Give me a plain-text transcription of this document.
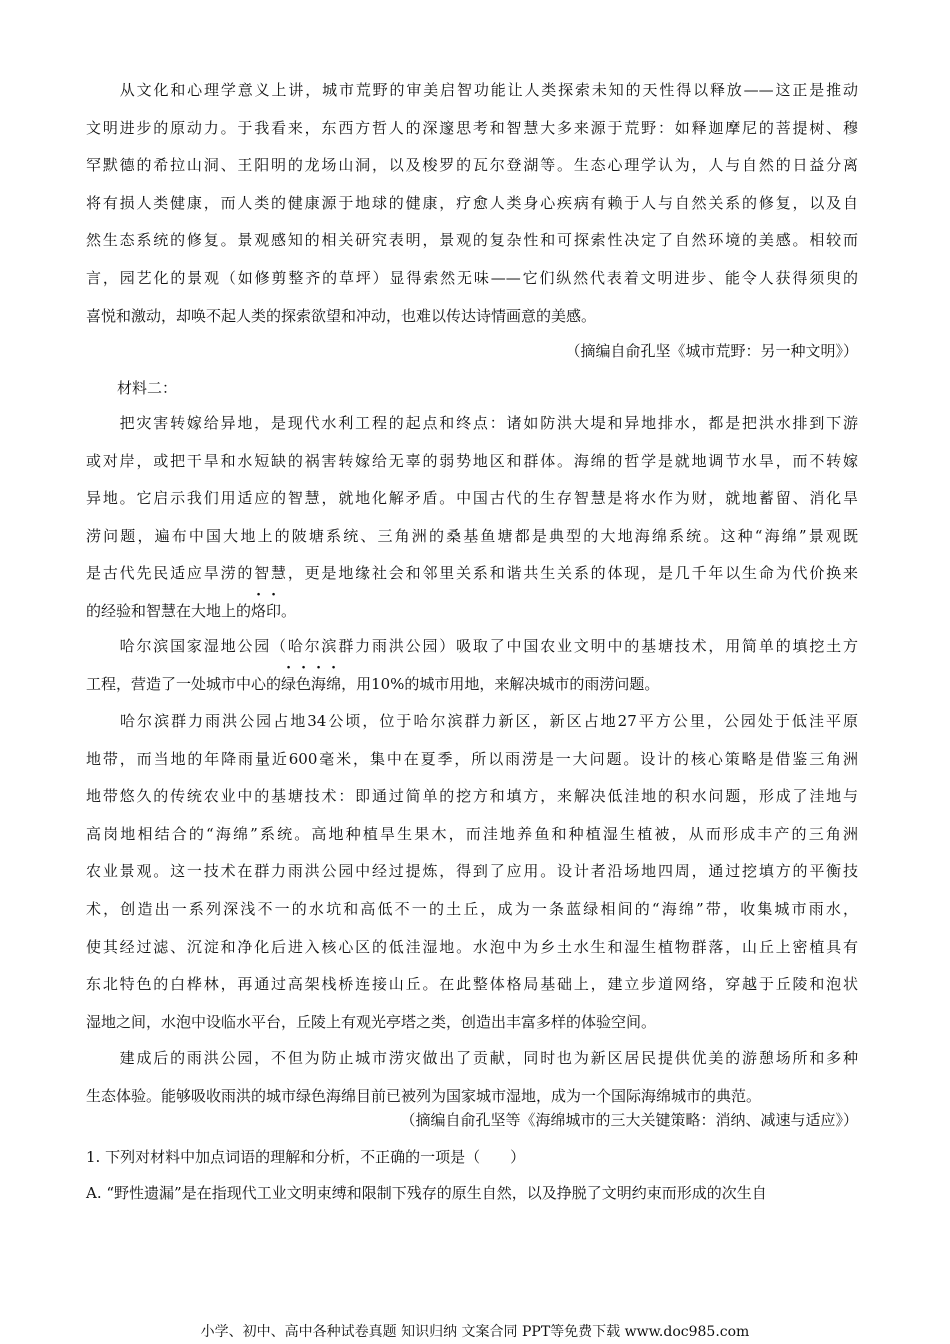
　　从文化和心理学意义上讲，城市荒野的审美启智功能让人类探索未知的天性得以释放——这正是推动
文明进步的原动力。于我看来，东西方哲人的深邃思考和智慧大多来源于荒野：如释迦摩尼的菩提树、穆
罕默德的希拉山洞、王阳明的龙场山洞，以及梭罗的瓦尔登湖等。生态心理学认为，人与自然的日益分离
将有损人类健康，而人类的健康源于地球的健康，疗愈人类身心疾病有赖于人与自然关系的修复，以及自
然生态系统的修复。景观感知的相关研究表明，景观的复杂性和可探索性决定了自然环境的美感。相较而
言，园艺化的景观（如修剪整齐的草坪）显得索然无味——它们纵然代表着文明进步、能令人获得须臾的
喜悦和激动，却唤不起人类的探索欲望和冲动，也难以传达诗情画意的美感。
（摘编自俞孔坚《城市荒野：另一种文明》）
材料二：
　　把灾害转嫁给异地，是现代水利工程的起点和终点：诸如防洪大堤和异地排水，都是把洪水排到下游
或对岸，或把干旱和水短缺的祸害转嫁给无辜的弱势地区和群体。海绵的哲学是就地调节水旱，而不转嫁
异地。它启示我们用适应的智慧，就地化解矛盾。中国古代的生存智慧是将水作为财，就地蓄留、消化旱
涝问题，遍布中国大地上的陂塘系统、三角洲的桑基鱼塘都是典型的大地海绵系统。这种“海绵”景观既
是古代先民适应旱涝的智慧，更是地缘社会和邻里关系和谐共生关系的体现，是几千年以生命为代价换来
的经验和智慧在大地上的烙印。
　　哈尔滨国家湿地公园（哈尔滨群力雨洪公园）吸取了中国农业文明中的基塘技术，用简单的填挖土方
工程，营造了一处城市中心的绿色海绵，用10%的城市用地，来解决城市的雨涝问题。
　　哈尔滨群力雨洪公园占地34公顷，位于哈尔滨群力新区，新区占地27平方公里，公园处于低洼平原
地带，而当地的年降雨量近600毫米，集中在夏季，所以雨涝是一大问题。设计的核心策略是借鉴三角洲
地带悠久的传统农业中的基塘技术：即通过简单的挖方和填方，来解决低洼地的积水问题，形成了洼地与
高岗地相结合的“海绵”系统。高地种植旱生果木，而洼地养鱼和种植湿生植被，从而形成丰产的三角洲
农业景观。这一技术在群力雨洪公园中经过提炼，得到了应用。设计者沿场地四周，通过挖填方的平衡技
术，创造出一系列深浅不一的水坑和高低不一的土丘，成为一条蓝绿相间的“海绵”带，收集城市雨水，
使其经过滤、沉淀和净化后进入核心区的低洼湿地。水泡中为乡土水生和湿生植物群落，山丘上密植具有
东北特色的白桦林，再通过高架栈桥连接山丘。在此整体格局基础上，建立步道网络，穿越于丘陵和泡状
湿地之间，水泡中设临水平台，丘陵上有观光亭塔之类，创造出丰富多样的体验空间。
　　建成后的雨洪公园，不但为防止城市涝灾做出了贡献，同时也为新区居民提供优美的游憩场所和多种
生态体验。能够吸收雨洪的城市绿色海绵目前已被列为国家城市湿地，成为一个国际海绵城市的典范。
（摘编自俞孔坚等《海绵城市的三大关键策略：消纳、减速与适应》）
1. 下列对材料中加点词语的理解和分析，不正确的一项是（　　）
A. “野性遗漏”是在指现代工业文明束缚和限制下残存的原生自然，以及挣脱了文明约束而形成的次生自
小学、初中、高中各种试卷真题 知识归纳 文案合同 PPT等免费下载 www.doc985.com
